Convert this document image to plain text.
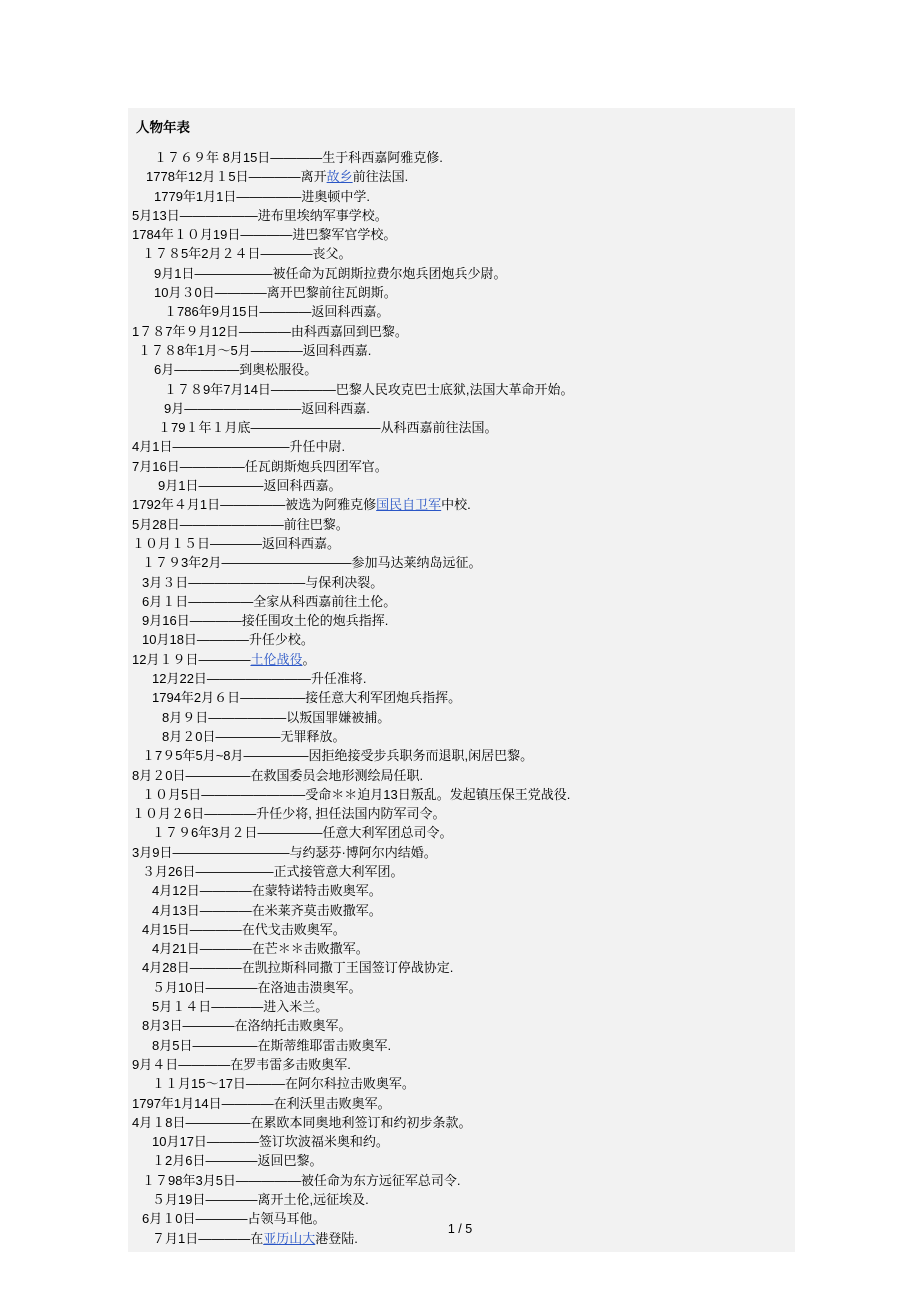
人物年表
１７６９年 8月15日————生于科西嘉阿雅克修.
1778年12月１5日————离开故乡前往法国.
1779年1月1日—————进奥顿中学.
5月13日——————进布里埃纳军事学校。
1784年１０月19日————进巴黎军官学校。
１７８5年2月２４日————丧父。
9月1日——————被任命为瓦朗斯拉费尔炮兵团炮兵少尉。
10月３0日————离开巴黎前往瓦朗斯。
１786年9月15日————返回科西嘉。
1７８7年９月12日————由科西嘉回到巴黎。
１７８8年1月～5月————返回科西嘉.
6月—————到奥松服役。
１７８9年7月14日—————巴黎人民攻克巴士底狱,法国大革命开始。
9月—————————返回科西嘉.
１79１年１月底——————————从科西嘉前往法国。
4月1日—————————升任中尉.
7月16日—————任瓦朗斯炮兵四团军官。
9月1日—————返回科西嘉。
1792年４月1日—————被选为阿雅克修国民自卫军中校.
5月28日————————前往巴黎。
１０月１５日————返回科西嘉。
１７９3年2月——————————参加马达莱纳岛远征。
3月３日—————————与保利决裂。
6月１日—————全家从科西嘉前往土伦。
9月16日————接任围攻土伦的炮兵指挥.
10月18日————升任少校。
12月１９日————土伦战役。
12月22日————————升任准将.
1794年2月６日—————接任意大利军团炮兵指挥。
8月９日——————以叛国罪嫌被捕。
8月２0日—————无罪释放。
１7９5年5月~8月—————因拒绝接受步兵职务而退职,闲居巴黎。
8月２0日—————在救国委员会地形测绘局任职.
１０月5日————————受命＊＊迫月13日叛乱。发起镇压保王党战役.
１０月２6日————升任少将, 担任法国内防军司令。
１７９6年3月２日—————任意大利军团总司令。
3月9日—————————与约瑟芬·博阿尔内结婚。
３月26日——————正式接管意大利军团。
4月12日————在蒙特诺特击败奥军。
4月13日————在米莱齐莫击败撒军。
4月15日————在代戈击败奥军。
4月21日————在芒＊＊击败撒军。
4月28日————在凯拉斯科同撒丁王国签订停战协定.
５月10日————在洛迪击溃奥军。
5月１４日————进入米兰。
8月3日————在洛纳托击败奥军。
8月5日—————在斯蒂维耶雷击败奥军.
9月４日————在罗韦雷多击败奥军.
１１月15～17日———在阿尔科拉击败奥军。
1797年1月14日————在利沃里击败奥军。
4月１8日—————在累欧本同奥地利签订和约初步条款。
10月17日————签订坎波福米奥和约。
１2月6日————返回巴黎。
１７98年3月5日—————被任命为东方远征军总司令.
５月19日————离开土伦,远征埃及.
6月１0日————占领马耳他。
７月1日————在亚历山大港登陆.
1 / 5
